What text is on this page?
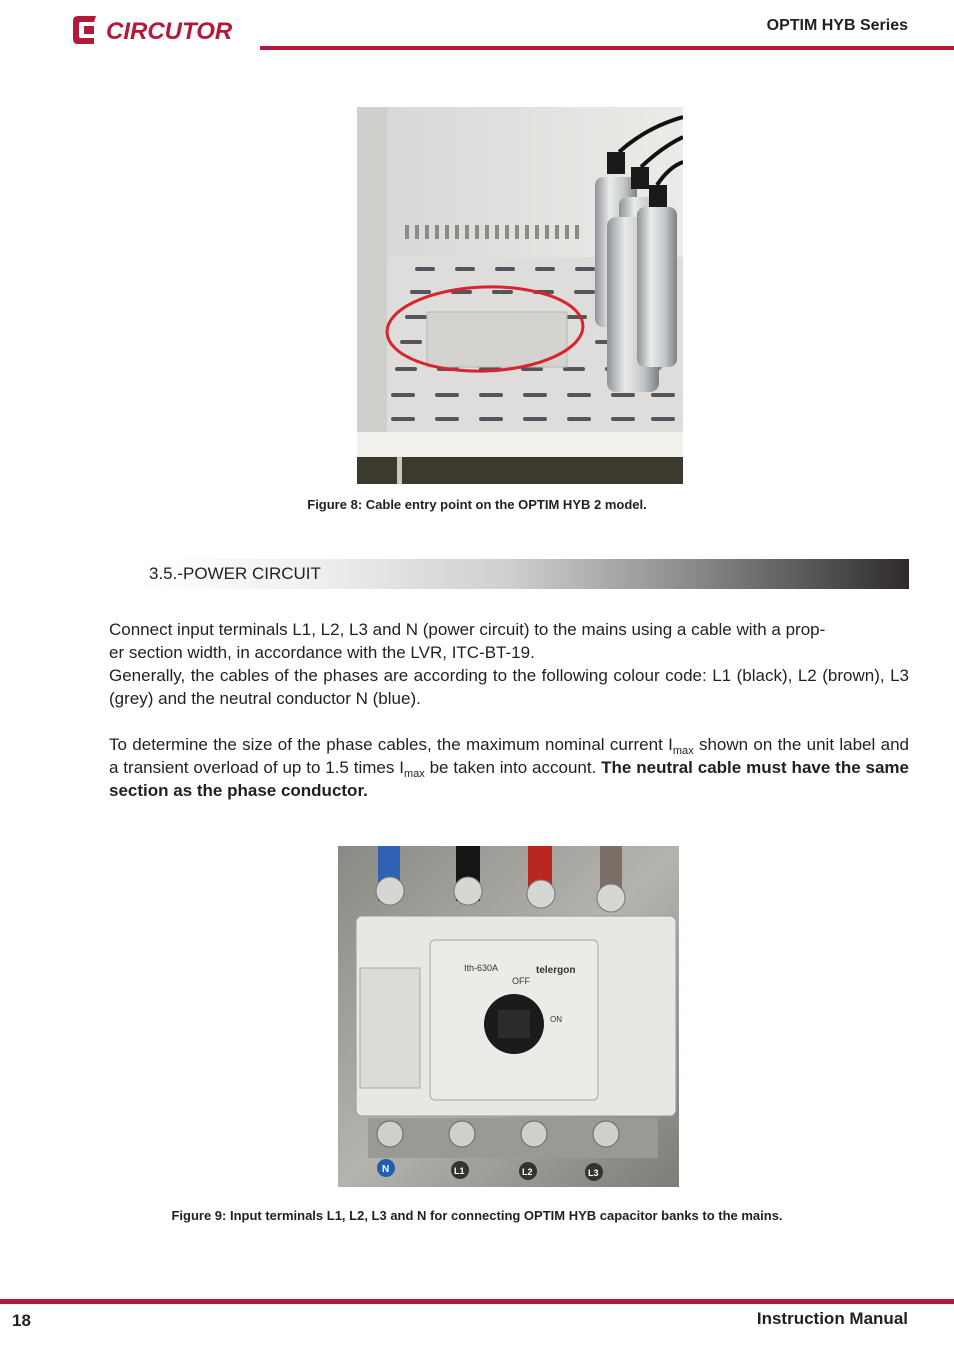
CIRCUTOR	OPTIM HYB Series
Figure 8: Cable entry point on the OPTIM HYB 2 model.
3.5.-POWER CIRCUIT
Connect input terminals L1, L2, L3 and N (power circuit) to the mains using a cable with a prop-
er section width, in accordance with the LVR, ITC-BT-19.

Generally, the cables of the phases are according to the following colour code: L1 (black), L2 (brown), L3 (grey) and the neutral conductor N (blue).

To determine the size of the phase cables, the maximum nominal current $I_{max}$ shown on the unit label and a transient overload of up to 1.5 times $I_{max}$ be taken into account. The neutral cable must have the same section as the phase conductor.

Ith-630A	telergon
OFF
ON
N	L1	L2	L3
Figure 9: Input terminals L1, L2, L3 and N for connecting OPTIM HYB capacitor banks to the mains.
18	Instruction Manual
